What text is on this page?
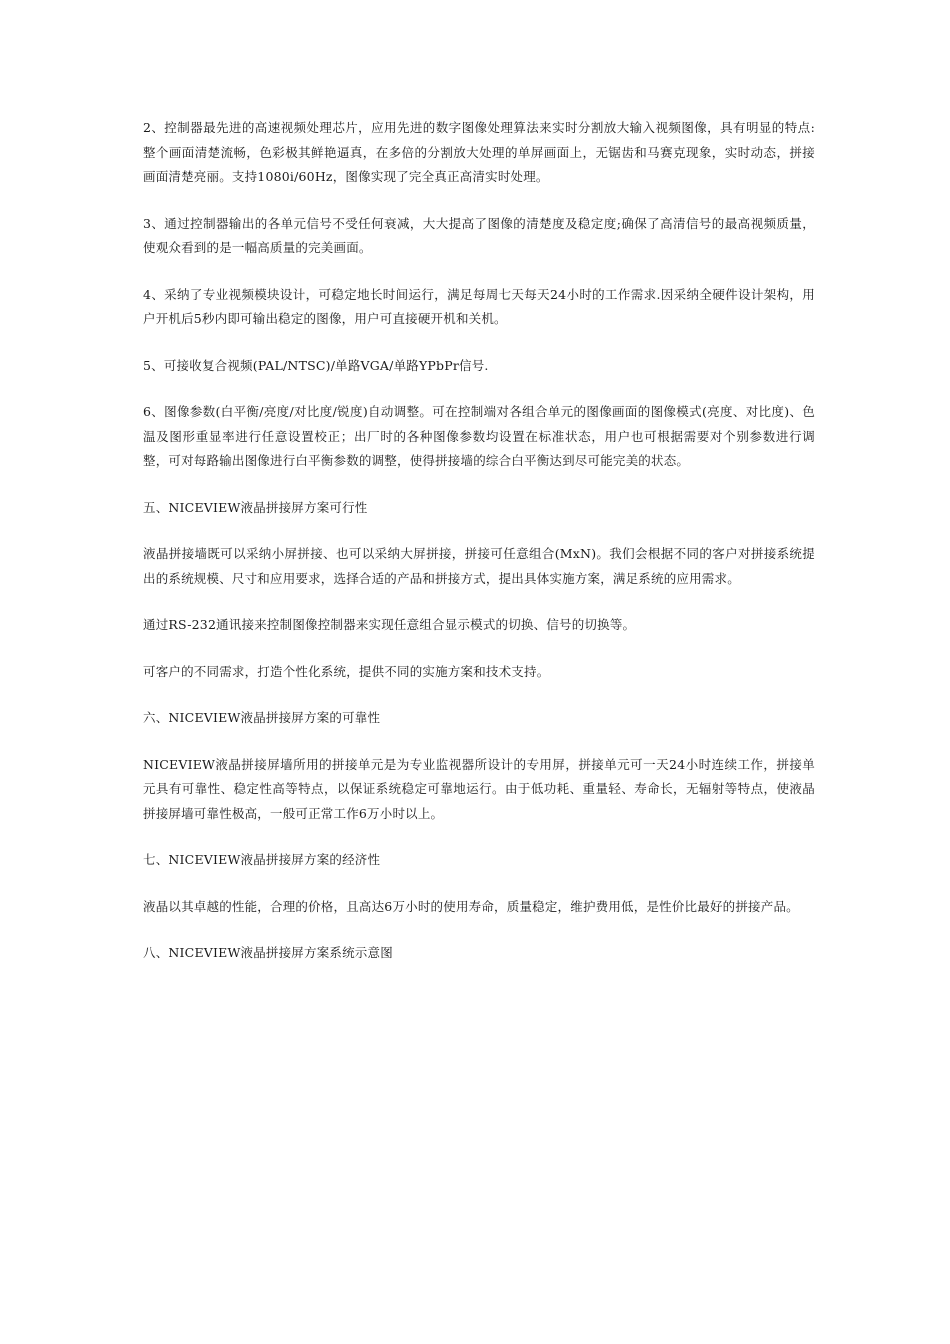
2、控制器最先进的高速视频处理芯片，应用先进的数字图像处理算法来实时分割放大输入视频图像，具有明显的特点:整个画面清楚流畅，色彩极其鲜艳逼真，在多倍的分割放大处理的单屏画面上，无锯齿和马赛克现象，实时动态，拼接画面清楚亮丽。支持1080i/60Hz，图像实现了完全真正高清实时处理。

3、通过控制器输出的各单元信号不受任何衰减，大大提高了图像的清楚度及稳定度;确保了高清信号的最高视频质量，使观众看到的是一幅高质量的完美画面。

4、采纳了专业视频模块设计，可稳定地长时间运行，满足每周七天每天24小时的工作需求.因采纳全硬件设计架构，用户开机后5秒内即可输出稳定的图像，用户可直接硬开机和关机。

5、可接收复合视频(PAL/NTSC)/单路VGA/单路YPbPr信号.

6、图像参数(白平衡/亮度/对比度/锐度)自动调整。可在控制端对各组合单元的图像画面的图像模式(亮度、对比度)、色温及图形重显率进行任意设置校正；出厂时的各种图像参数均设置在标准状态，用户也可根据需要对个别参数进行调整，可对每路输出图像进行白平衡参数的调整，使得拼接墙的综合白平衡达到尽可能完美的状态。

五、NICEVIEW液晶拼接屏方案可行性

液晶拼接墙既可以采纳小屏拼接、也可以采纳大屏拼接，拼接可任意组合(MxN)。我们会根据不同的客户对拼接系统提出的系统规模、尺寸和应用要求，选择合适的产品和拼接方式，提出具体实施方案，满足系统的应用需求。

通过RS-232通讯接来控制图像控制器来实现任意组合显示模式的切换、信号的切换等。

可客户的不同需求，打造个性化系统，提供不同的实施方案和技术支持。

六、NICEVIEW液晶拼接屏方案的可靠性

NICEVIEW液晶拼接屏墙所用的拼接单元是为专业监视器所设计的专用屏，拼接单元可一天24小时连续工作，拼接单元具有可靠性、稳定性高等特点，以保证系统稳定可靠地运行。由于低功耗、重量轻、寿命长，无辐射等特点，使液晶拼接屏墙可靠性极高，一般可正常工作6万小时以上。

七、NICEVIEW液晶拼接屏方案的经济性

液晶以其卓越的性能，合理的价格，且高达6万小时的使用寿命，质量稳定，维护费用低，是性价比最好的拼接产品。

八、NICEVIEW液晶拼接屏方案系统示意图
